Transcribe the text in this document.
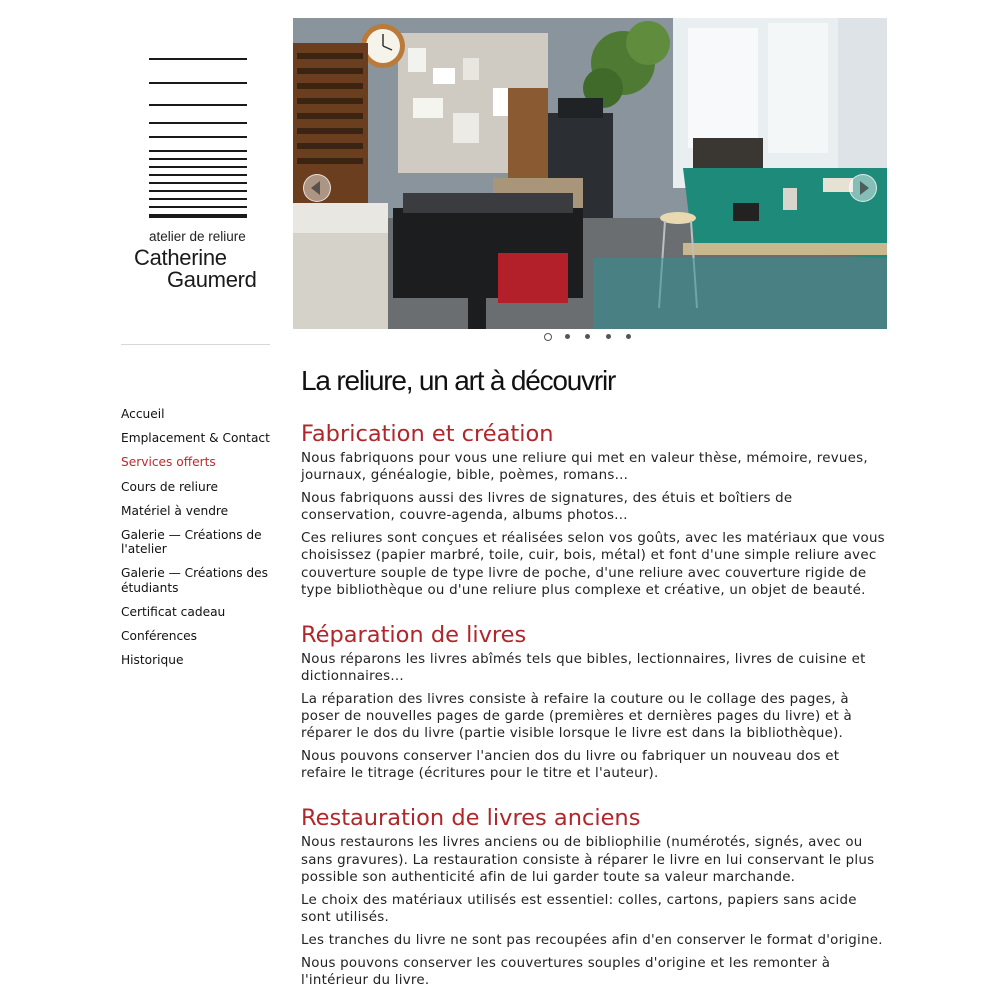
atelier de reliure
Catherine
Gaumerd
Accueil
Emplacement & Contact
Services offerts
Cours de reliure
Matériel à vendre
Galerie — Créations de l'atelier
Galerie — Créations des étudiants
Certificat cadeau
Conférences
Historique
La reliure, un art à découvrir
Fabrication et création

Nous fabriquons pour vous une reliure qui met en valeur thèse, mémoire, revues, journaux, généalogie, bible, poèmes, romans...

Nous fabriquons aussi des livres de signatures, des étuis et boîtiers de conservation, couvre-agenda, albums photos...

Ces reliures sont conçues et réalisées selon vos goûts, avec les matériaux que vous choisissez (papier marbré, toile, cuir, bois, métal) et font d'une simple reliure avec couverture souple de type livre de poche, d'une reliure avec couverture rigide de type bibliothèque ou d'une reliure plus complexe et créative, un objet de beauté.

Réparation de livres

Nous réparons les livres abîmés tels que bibles, lectionnaires, livres de cuisine et dictionnaires...

La réparation des livres consiste à refaire la couture ou le collage des pages, à poser de nouvelles pages de garde (premières et dernières pages du livre) et à réparer le dos du livre (partie visible lorsque le livre est dans la bibliothèque).

Nous pouvons conserver l'ancien dos du livre ou fabriquer un nouveau dos et refaire le titrage (écritures pour le titre et l'auteur).

Restauration de livres anciens

Nous restaurons les livres anciens ou de bibliophilie (numérotés, signés, avec ou sans gravures). La restauration consiste à réparer le livre en lui conservant le plus possible son authenticité afin de lui garder toute sa valeur marchande.

Le choix des matériaux utilisés est essentiel: colles, cartons, papiers sans acide sont utilisés.

Les tranches du livre ne sont pas recoupées afin d'en conserver le format d'origine.

Nous pouvons conserver les couvertures souples d'origine et les remonter à l'intérieur du livre.
